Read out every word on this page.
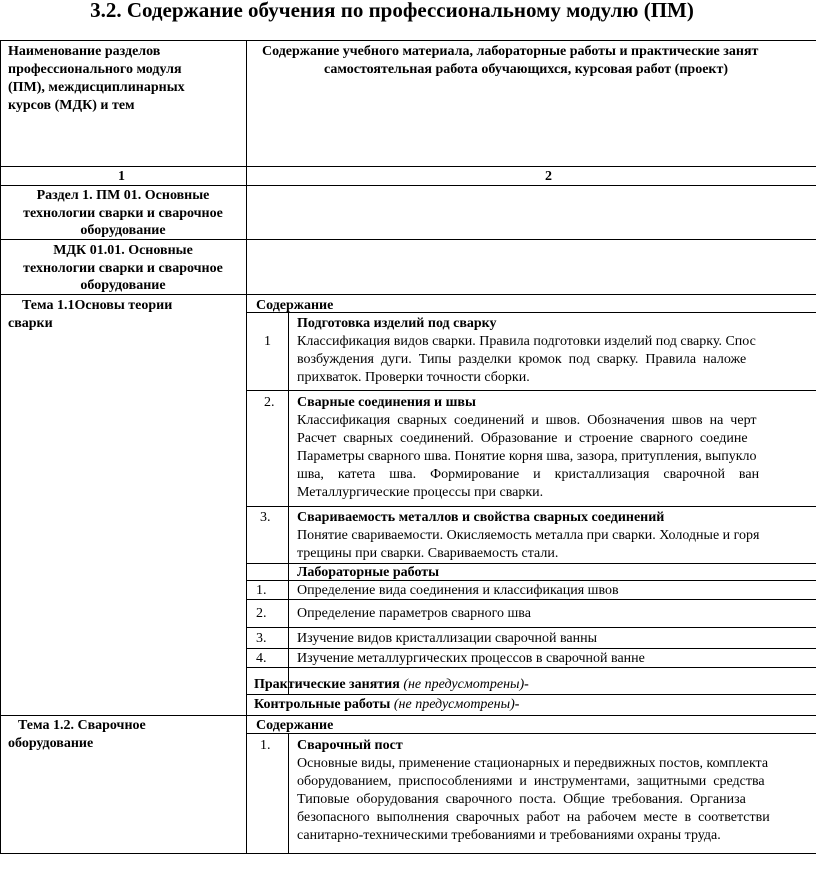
3.2. Содержание обучения по профессиональному модулю (ПМ)
Наименование разделов
профессионального модуля
(ПМ), междисциплинарных
курсов (МДК) и тем
Содержание учебного материала, лабораторные работы и практические занят
самостоятельная работа обучающихся, курсовая работ (проект)
1	2
Раздел 1. ПМ 01. Основные
технологии сварки и сварочное
оборудование
МДК 01.01. Основные
технологии сварки и сварочное
оборудование
Тема 1.1Основы теории
сварки
Содержание
1
Подготовка изделий под сварку
Классификация видов сварки. Правила подготовки изделий под сварку. Спос
возбуждения  дуги.  Типы  разделки  кромок  под  сварку.  Правила  наложе
прихваток. Проверки точности сборки.
2. Сварные соединения и швы
Классификация  сварных  соединений  и  швов.  Обозначения  швов  на  черт
Расчет  сварных  соединений.  Образование  и  строение  сварного  соедине
Параметры сварного шва. Понятие корня шва, зазора, притупления, выпукло
шва,    катета    шва.    Формирование    и    кристаллизация    сварочной    ван
Металлургические процессы при сварки.
3. Свариваемость металлов и свойства сварных соединений
Понятие свариваемости. Окисляемость металла при сварки. Холодные и горя
трещины при сварки. Свариваемость стали.
Лабораторные работы
1. Определение вида соединения и классификация швов
2. Определение параметров сварного шва
3. Изучение видов кристаллизации сварочной ванны
4. Изучение металлургических процессов в сварочной ванне
Практические занятия (не предусмотрены)-
Контрольные работы (не предусмотрены)-
Тема 1.2. Сварочное
оборудование
Содержание
1. Сварочный пост
Основные виды, применение стационарных и передвижных постов, комплекта
оборудованием,  приспособлениями  и  инструментами,  защитными  средства
Типовые  оборудования  сварочного  поста.  Общие  требования.  Организа
безопасного  выполнения  сварочных  работ  на  рабочем  месте  в  соответстви
санитарно-техническими требованиями и требованиями охраны труда.
